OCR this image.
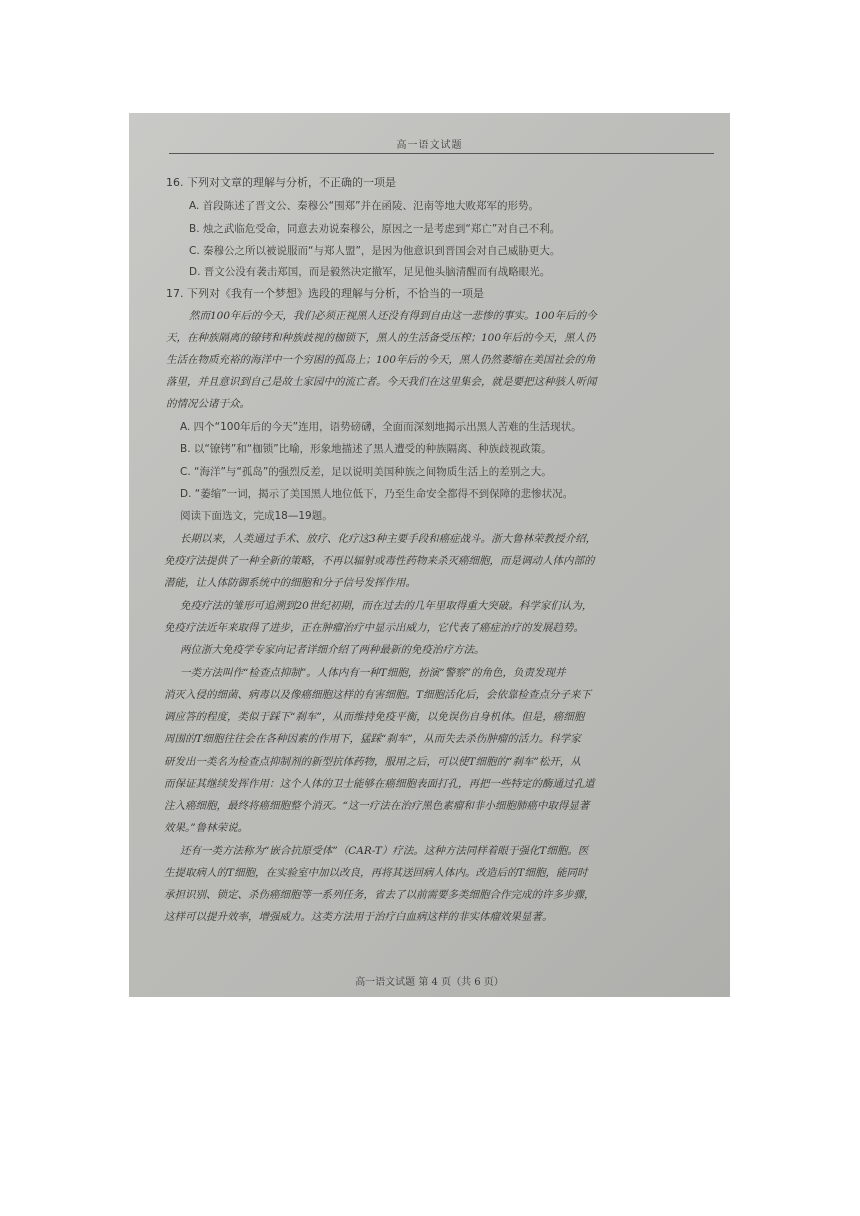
高一语文试题
16. 下列对文章的理解与分析，不正确的一项是
A. 首段陈述了晋文公、秦穆公“围郑”并在函陵、氾南等地大败郑军的形势。
B. 烛之武临危受命，同意去劝说秦穆公，原因之一是考虑到“郑亡”对自己不利。
C. 秦穆公之所以被说服而“与郑人盟”，是因为他意识到晋国会对自己威胁更大。
D. 晋文公没有袭击郑国，而是毅然决定撤军，足见他头脑清醒而有战略眼光。
17. 下列对《我有一个梦想》选段的理解与分析，不恰当的一项是
然而100年后的今天，我们必须正视黑人还没有得到自由这一悲惨的事实。100年后的今
天，在种族隔离的镣铐和种族歧视的枷锁下，黑人的生活备受压榨；100年后的今天，黑人仍
生活在物质充裕的海洋中一个穷困的孤岛上；100年后的今天，黑人仍然萎缩在美国社会的角
落里，并且意识到自己是故土家园中的流亡者。今天我们在这里集会，就是要把这种骇人听闻
的情况公诸于众。
A. 四个“100年后的今天”连用，语势磅礴，全面而深刻地揭示出黑人苦难的生活现状。
B. 以“镣铐”和“枷锁”比喻，形象地描述了黑人遭受的种族隔离、种族歧视政策。
C. “海洋”与“孤岛”的强烈反差，足以说明美国种族之间物质生活上的差别之大。
D. “萎缩”一词，揭示了美国黑人地位低下，乃至生命安全都得不到保障的悲惨状况。
阅读下面选文，完成18—19题。
长期以来，人类通过手术、放疗、化疗这3种主要手段和癌症战斗。浙大鲁林荣教授介绍，
免疫疗法提供了一种全新的策略，不再以辐射或毒性药物来杀灭癌细胞，而是调动人体内部的
潜能，让人体防御系统中的细胞和分子信号发挥作用。
免疫疗法的雏形可追溯到20世纪初期，而在过去的几年里取得重大突破。科学家们认为，
免疫疗法近年来取得了进步，正在肿瘤治疗中显示出威力，它代表了癌症治疗的发展趋势。
两位浙大免疫学专家向记者详细介绍了两种最新的免疫治疗方法。
一类方法叫作“检查点抑制”。人体内有一种T细胞，扮演“警察”的角色，负责发现并
消灭入侵的细菌、病毒以及像癌细胞这样的有害细胞。T细胞活化后，会依靠检查点分子来下
调应答的程度，类似于踩下“刹车”，从而维持免疫平衡，以免误伤自身机体。但是，癌细胞
周围的T细胞往往会在各种因素的作用下，猛踩“刹车”，从而失去杀伤肿瘤的活力。科学家
研发出一类名为检查点抑制剂的新型抗体药物，服用之后，可以使T细胞的“刹车”松开，从
而保证其继续发挥作用：这个人体的卫士能够在癌细胞表面打孔，再把一些特定的酶通过孔道
注入癌细胞，最终将癌细胞整个消灭。“这一疗法在治疗黑色素瘤和非小细胞肺癌中取得显著
效果。”鲁林荣说。
还有一类方法称为“嵌合抗原受体”（CAR-T）疗法。这种方法同样着眼于强化T细胞。医
生提取病人的T细胞，在实验室中加以改良，再将其送回病人体内。改造后的T细胞，能同时
承担识别、锁定、杀伤癌细胞等一系列任务，省去了以前需要多类细胞合作完成的许多步骤，
这样可以提升效率，增强威力。这类方法用于治疗白血病这样的非实体瘤效果显著。
高一语文试题 第 4 页（共 6 页）
